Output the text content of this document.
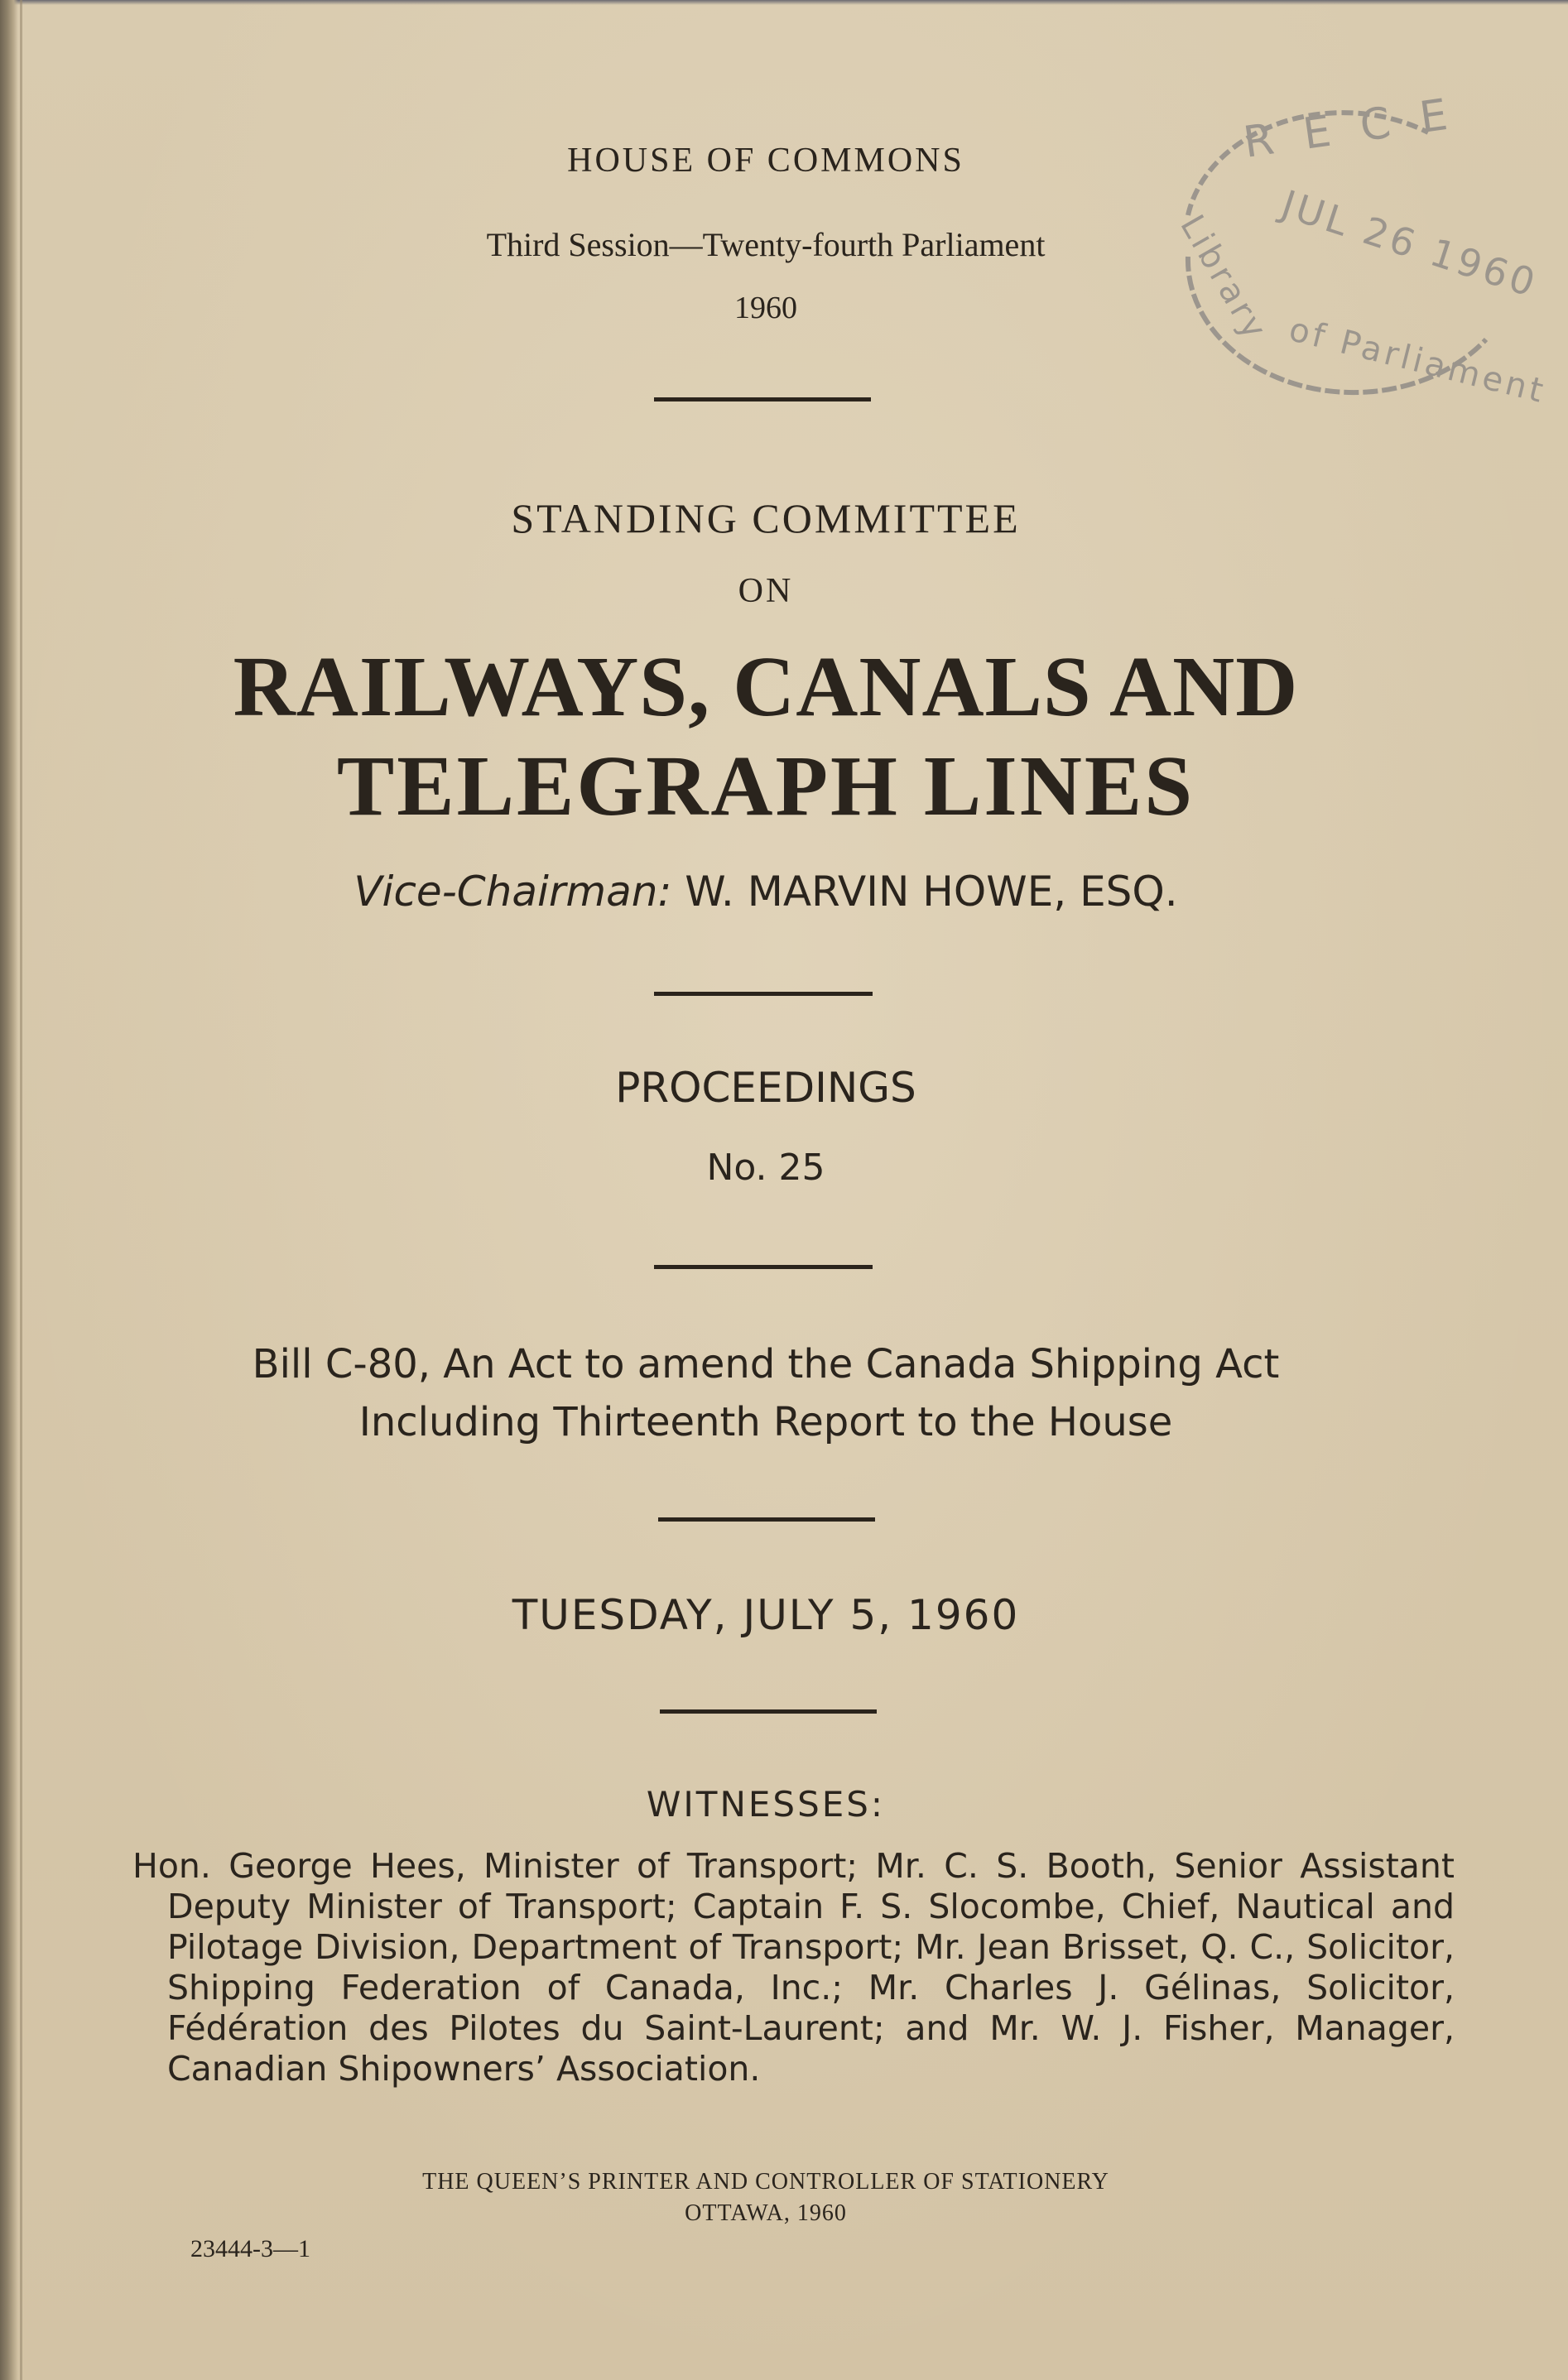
HOUSE OF COMMONS
Third Session—Twenty-fourth Parliament
1960
STANDING COMMITTEE
ON
RAILWAYS, CANALS AND
TELEGRAPH LINES
Vice-Chairman: W. MARVIN HOWE, ESQ.
PROCEEDINGS
No. 25
Bill C-80, An Act to amend the Canada Shipping Act
Including Thirteenth Report to the House
TUESDAY, JULY 5, 1960
WITNESSES:
Hon. George Hees, Minister of Transport; Mr. C. S. Booth, Senior Assistant Deputy Minister of Transport; Captain F. S. Slocombe, Chief, Nautical and Pilotage Division, Department of Transport; Mr. Jean Brisset, Q. C., Solicitor, Shipping Federation of Canada, Inc.; Mr. Charles J. Gélinas, Solicitor, Fédération des Pilotes du Saint-Laurent; and Mr. W. J. Fisher, Manager, Canadian Shipowners’ Association.
THE QUEEN’S PRINTER AND CONTROLLER OF STATIONERY
OTTAWA, 1960
23444-3—1
R E C E
JUL 26 1960
Library
of Parliament
